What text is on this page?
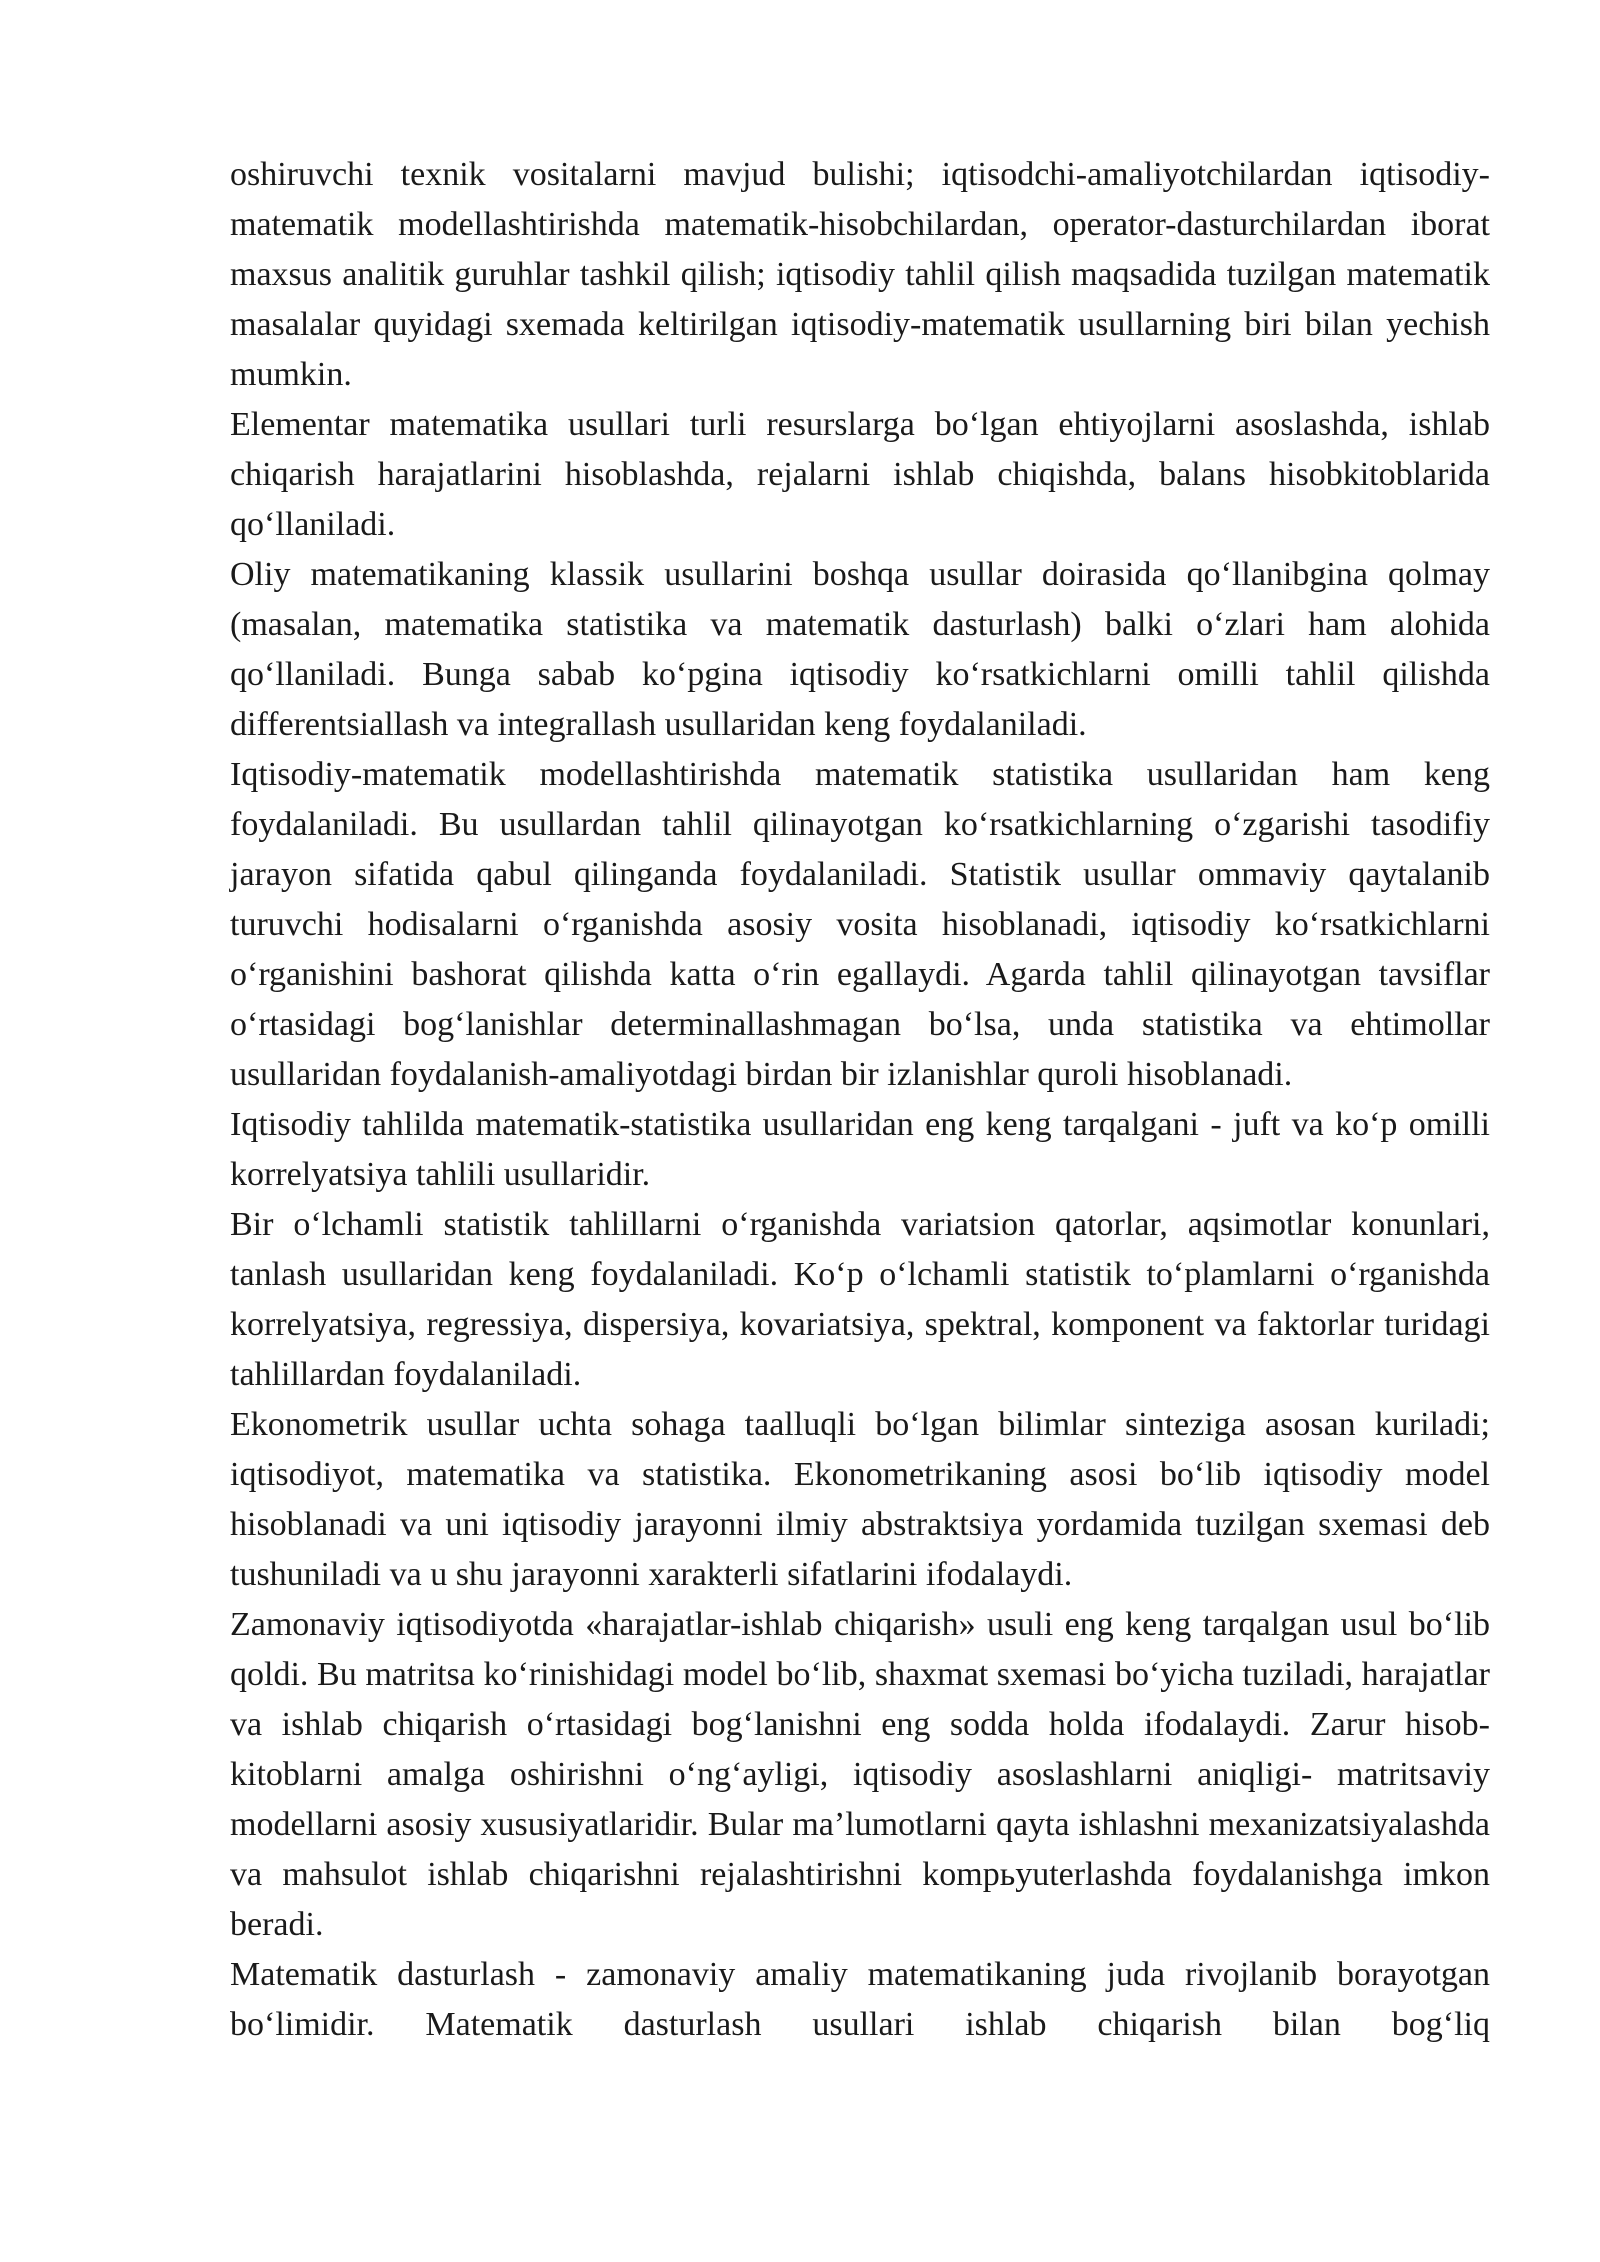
oshiruvchi texnik vositalarni mavjud bulishi; iqtisodchi-amaliyotchilardan iqtisodiy-matematik modellashtirishda matematik-hisobchilardan, operator-dasturchilardan iborat maxsus analitik guruhlar tashkil qilish; iqtisodiy tahlil qilish maqsadida tuzilgan matematik masalalar quyidagi sxemada keltirilgan iqtisodiy-matematik usullarning biri bilan yechish mumkin.

Elementar matematika usullari turli resurslarga bo‘lgan ehtiyojlarni asoslashda, ishlab chiqarish harajatlarini hisoblashda, rejalarni ishlab chiqishda, balans hisobkitoblarida qo‘llaniladi.

Oliy matematikaning klassik usullarini boshqa usullar doirasida qo‘llanibgina qolmay (masalan, matematika statistika va matematik dasturlash) balki o‘zlari ham alohida qo‘llaniladi. Bunga sabab ko‘pgina iqtisodiy ko‘rsatkichlarni omilli tahlil qilishda differentsiallash va integrallash usullaridan keng foydalaniladi.

Iqtisodiy-matematik modellashtirishda matematik statistika usullaridan ham keng foydalaniladi. Bu usullardan tahlil qilinayotgan ko‘rsatkichlarning o‘zgarishi tasodifiy jarayon sifatida qabul qilinganda foydalaniladi. Statistik usullar ommaviy qaytalanib turuvchi hodisalarni o‘rganishda asosiy vosita hisoblanadi, iqtisodiy ko‘rsatkichlarni o‘rganishini bashorat qilishda katta o‘rin egallaydi. Agarda tahlil qilinayotgan tavsiflar o‘rtasidagi bog‘lanishlar determinallashmagan bo‘lsa, unda statistika va ehtimollar usullaridan foydalanish-amaliyotdagi birdan bir izlanishlar quroli hisoblanadi.

Iqtisodiy tahlilda matematik-statistika usullaridan eng keng tarqalgani - juft va ko‘p omilli korrelyatsiya tahlili usullaridir.

Bir o‘lchamli statistik tahlillarni o‘rganishda variatsion qatorlar, aqsimotlar konunlari, tanlash usullaridan keng foydalaniladi. Ko‘p o‘lchamli statistik to‘plamlarni o‘rganishda korrelyatsiya, regressiya, dispersiya, kovariatsiya, spektral, komponent va faktorlar turidagi tahlillardan foydalaniladi.

Ekonometrik usullar uchta sohaga taalluqli bo‘lgan bilimlar sinteziga asosan kuriladi; iqtisodiyot, matematika va statistika. Ekonometrikaning asosi bo‘lib iqtisodiy model hisoblanadi va uni iqtisodiy jarayonni ilmiy abstraktsiya yordamida tuzilgan sxemasi deb tushuniladi va u shu jarayonni xarakterli sifatlarini ifodalaydi.

Zamonaviy iqtisodiyotda «harajatlar-ishlab chiqarish» usuli eng keng tarqalgan usul bo‘lib qoldi. Bu matritsa ko‘rinishidagi model bo‘lib, shaxmat sxemasi bo‘yicha tuziladi, harajatlar va ishlab chiqarish o‘rtasidagi bog‘lanishni eng sodda holda ifodalaydi. Zarur hisob-kitoblarni amalga oshirishni o‘ng‘ayligi, iqtisodiy asoslashlarni aniqligi- matritsaviy modellarni asosiy xususiyatlaridir. Bular ma’lumotlarni qayta ishlashni mexanizatsiyalashda va mahsulot ishlab chiqarishni rejalashtirishni kompьyuterlashda foydalanishga imkon beradi.

Matematik dasturlash - zamonaviy amaliy matematikaning juda rivojlanib borayotgan bo‘limidir. Matematik dasturlash usullari ishlab chiqarish bilan bog‘liq
